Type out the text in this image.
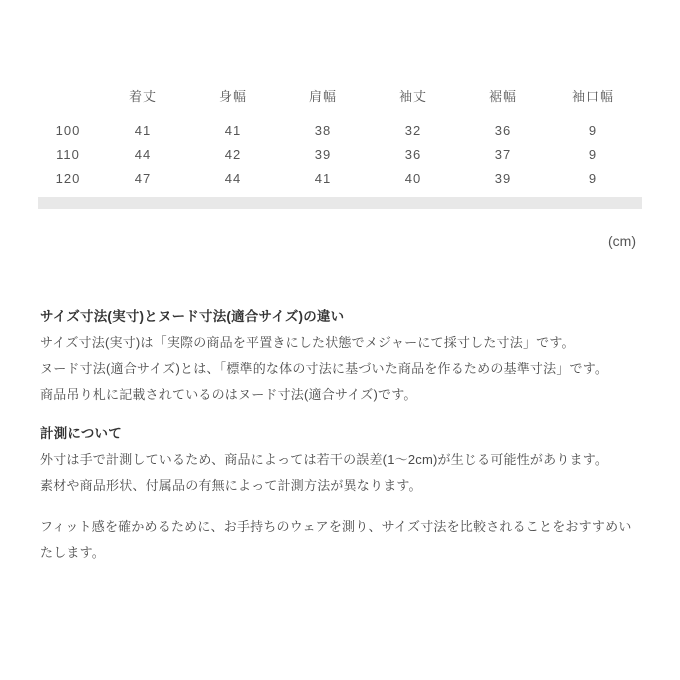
	着丈	身幅	肩幅	袖丈	裾幅	袖口幅
100	41	41	38	32	36	9
110	44	42	39	36	37	9
120	47	44	41	40	39	9
(cm)
サイズ寸法(実寸)とヌード寸法(適合サイズ)の違い

サイズ寸法(実寸)は「実際の商品を平置きにした状態でメジャーにて採寸した寸法」です。

ヌード寸法(適合サイズ)とは、「標準的な体の寸法に基づいた商品を作るための基準寸法」です。

商品吊り札に記載されているのはヌード寸法(適合サイズ)です。

計測について

外寸は手で計測しているため、商品によっては若干の誤差(1〜2cm)が生じる可能性があります。

素材や商品形状、付属品の有無によって計測方法が異なります。

フィット感を確かめるために、お手持ちのウェアを測り、サイズ寸法を比較されることをおすすめいたします。
